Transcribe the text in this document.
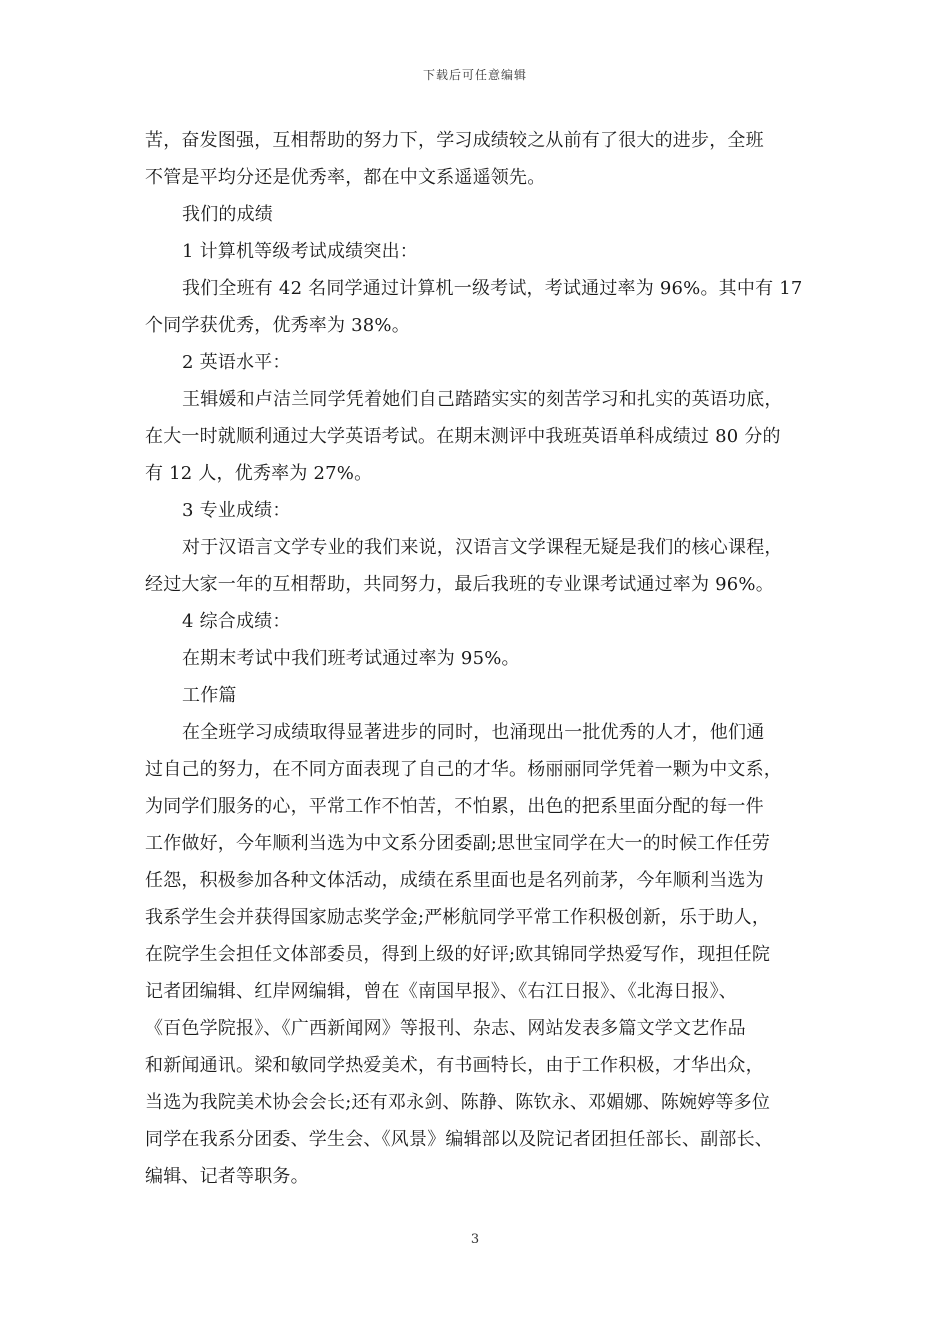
下载后可任意编辑
苦，奋发图强，互相帮助的努力下，学习成绩较之从前有了很大的进步，全班
不管是平均分还是优秀率，都在中文系遥遥领先。
我们的成绩
1 计算机等级考试成绩突出：
我们全班有 42 名同学通过计算机一级考试，考试通过率为 96%。其中有 17
个同学获优秀，优秀率为 38%。
2 英语水平：
王辑媛和卢洁兰同学凭着她们自己踏踏实实的刻苦学习和扎实的英语功底，
在大一时就顺利通过大学英语考试。在期末测评中我班英语单科成绩过 80 分的
有 12 人，优秀率为 27%。
3 专业成绩：
对于汉语言文学专业的我们来说，汉语言文学课程无疑是我们的核心课程，
经过大家一年的互相帮助，共同努力，最后我班的专业课考试通过率为 96%。
4 综合成绩：
在期末考试中我们班考试通过率为 95%。
工作篇
在全班学习成绩取得显著进步的同时，也涌现出一批优秀的人才，他们通
过自己的努力，在不同方面表现了自己的才华。杨丽丽同学凭着一颗为中文系，
为同学们服务的心，平常工作不怕苦，不怕累，出色的把系里面分配的每一件
工作做好，今年顺利当选为中文系分团委副;思世宝同学在大一的时候工作任劳
任怨，积极参加各种文体活动，成绩在系里面也是名列前茅，今年顺利当选为
我系学生会并获得国家励志奖学金;严彬航同学平常工作积极创新，乐于助人，
在院学生会担任文体部委员，得到上级的好评;欧其锦同学热爱写作，现担任院
记者团编辑、红岸网编辑，曾在《南国早报》、《右江日报》、《北海日报》、
《百色学院报》、《广西新闻网》等报刊、杂志、网站发表多篇文学文艺作品
和新闻通讯。梁和敏同学热爱美术，有书画特长，由于工作积极，才华出众，
当选为我院美术协会会长;还有邓永剑、陈静、陈钦永、邓媚娜、陈婉婷等多位
同学在我系分团委、学生会、《风景》编辑部以及院记者团担任部长、副部长、
编辑、记者等职务。
3
